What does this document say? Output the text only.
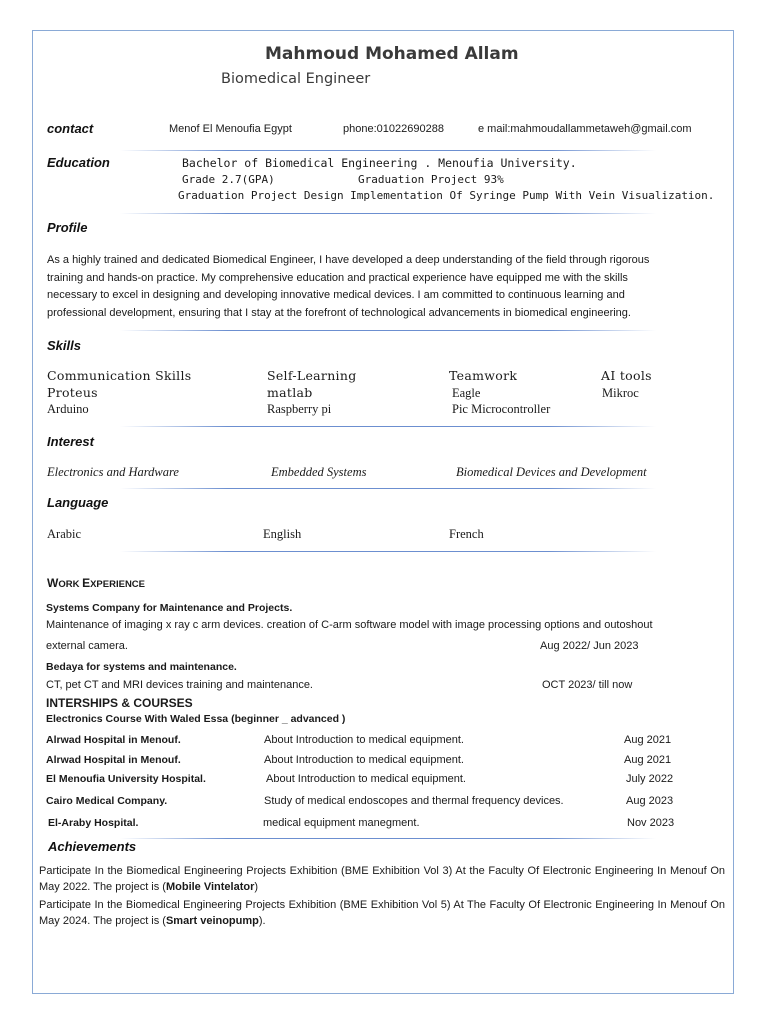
Mahmoud Mohamed Allam
Biomedical Engineer
contact	Menof El Menoufia Egypt	phone:01022690288	e mail:mahmoudallammetaweh@gmail.com
Education	Bachelor of Biomedical Engineering . Menoufia University.
Grade 2.7(GPA)	Graduation Project 93%
Graduation Project Design Implementation Of Syringe Pump With Vein Visualization.
Profile
As a highly trained and dedicated Biomedical Engineer, I have developed a deep understanding of the field through rigorous
training and hands-on practice. My comprehensive education and practical experience have equipped me with the skills
necessary to excel in designing and developing innovative medical devices. I am committed to continuous learning and
professional development, ensuring that I stay at the forefront of technological advancements in biomedical engineering.
Skills
Communication Skills	Self-Learning	Teamwork	AI tools
Proteus	matlab	Eagle	Mikroc
Arduino	Raspberry pi	Pic Microcontroller
Interest
Electronics and Hardware	Embedded Systems	Biomedical Devices and Development
Language
Arabic	English	French
WORK EXPERIENCE
Systems Company for Maintenance and Projects.
Maintenance of imaging x ray c arm devices. creation of C-arm software model with image processing options and outoshout
external camera.	Aug 2022/ Jun 2023
Bedaya for systems and maintenance.
CT, pet CT and MRI devices training and maintenance.	OCT 2023/ till now
INTERSHIPS & COURSES
Electronics Course With Waled Essa (beginner _ advanced )
Alrwad Hospital in Menouf.	About Introduction to medical equipment.	Aug 2021
Alrwad Hospital in Menouf.	About Introduction to medical equipment.	Aug 2021
El Menoufia University Hospital.	About Introduction to medical equipment.	July 2022
Cairo Medical Company.	Study of medical endoscopes and thermal frequency devices.	Aug 2023
El-Araby Hospital.	medical equipment manegment.	Nov 2023
Achievements
Participate In the Biomedical Engineering Projects Exhibition (BME Exhibition Vol 3) At the Faculty Of Electronic Engineering In Menouf On May 2022. The project is (Mobile Vintelator)
Participate In the Biomedical Engineering Projects Exhibition (BME Exhibition Vol 5) At The Faculty Of Electronic Engineering In Menouf On May 2024. The project is (Smart veinopump).
